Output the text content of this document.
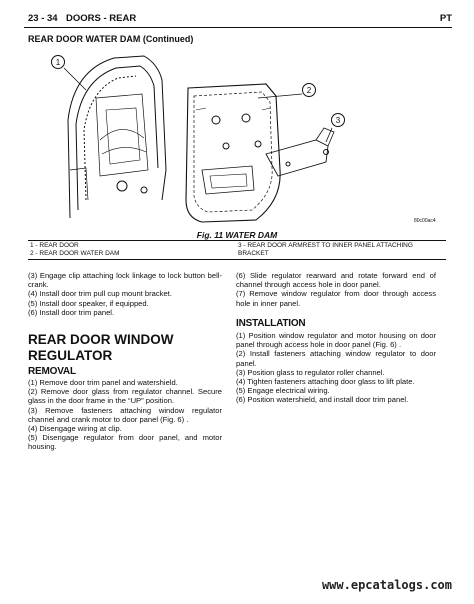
23 - 34 DOORS - REAR	PT
REAR DOOR WATER DAM (Continued)
1
2
3
80c00ac4
Fig. 11 WATER DAM
1 - REAR DOOR
2 - REAR DOOR WATER DAM
3 - REAR DOOR ARMREST TO INNER PANEL ATTACHING
BRACKET
(3) Engage clip attaching lock linkage to lock button bell-crank.
(4) Install door trim pull cup mount bracket.
(5) Install door speaker, if equipped.
(6) Install door trim panel.
REAR DOOR WINDOW REGULATOR
REMOVAL
(1) Remove door trim panel and watershield.
(2) Remove door glass from regulator channel. Secure glass in the door frame in the “UP” position.
(3) Remove fasteners attaching window regulator channel and crank motor to door panel (Fig. 6) .
(4) Disengage wiring at clip.
(5) Disengage regulator from door panel, and motor housing.
(6) Slide regulator rearward and rotate forward end of channel through access hole in door panel.
(7) Remove window regulator from door through access hole in inner panel.
INSTALLATION
(1) Position window regulator and motor housing on door panel through access hole in door panel (Fig. 6) .
(2) Install fasteners attaching window regulator to door panel.
(3) Position glass to regulator roller channel.
(4) Tighten fasteners attaching door glass to lift plate.
(5) Engage electrical wiring.
(6) Position watershield, and install door trim panel.
www.epcatalogs.com
